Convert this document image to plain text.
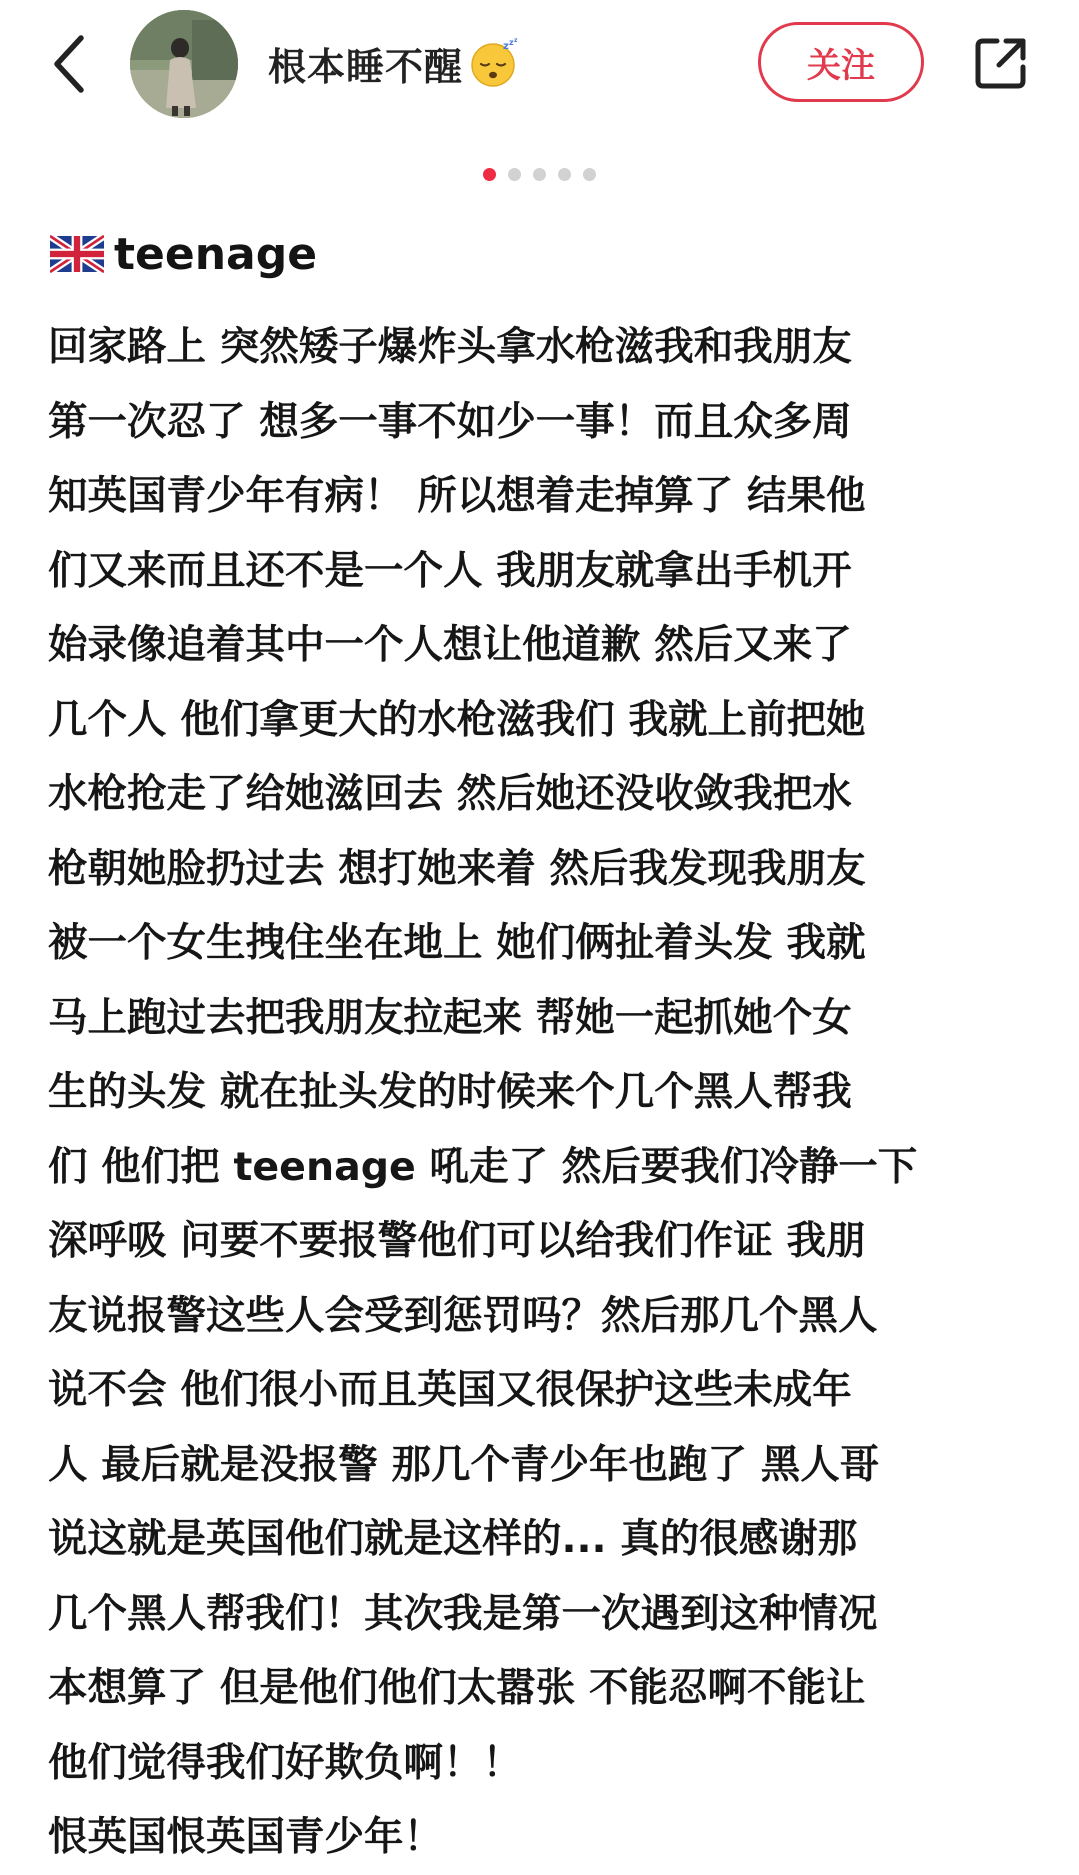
根本睡不醒	z z z
关注
teenage
回家路上 突然矮子爆炸头拿水枪滋我和我朋友
第一次忍了 想多一事不如少一事！而且众多周
知英国青少年有病！ 所以想着走掉算了 结果他
们又来而且还不是一个人 我朋友就拿出手机开
始录像追着其中一个人想让他道歉 然后又来了
几个人 他们拿更大的水枪滋我们 我就上前把她
水枪抢走了给她滋回去 然后她还没收敛我把水
枪朝她脸扔过去 想打她来着 然后我发现我朋友
被一个女生拽住坐在地上 她们俩扯着头发 我就
马上跑过去把我朋友拉起来 帮她一起抓她个女
生的头发 就在扯头发的时候来个几个黑人帮我
们 他们把 teenage 吼走了 然后要我们冷静一下
深呼吸 问要不要报警他们可以给我们作证 我朋
友说报警这些人会受到惩罚吗？然后那几个黑人
说不会 他们很小而且英国又很保护这些未成年
人 最后就是没报警 那几个青少年也跑了 黑人哥
说这就是英国他们就是这样的... 真的很感谢那
几个黑人帮我们！其次我是第一次遇到这种情况
本想算了 但是他们他们太嚣张 不能忍啊不能让
他们觉得我们好欺负啊！！
恨英国恨英国青少年！
